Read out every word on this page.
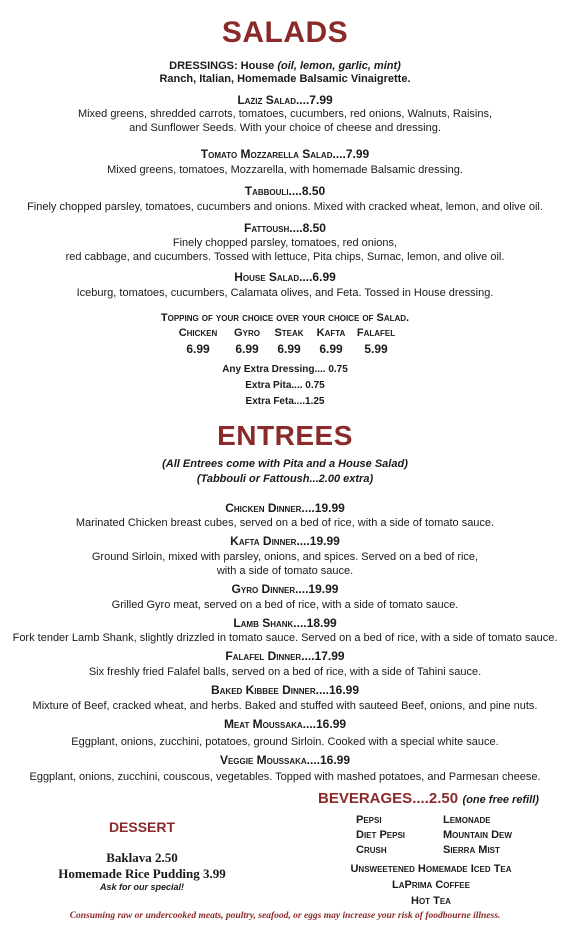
SALADS
DRESSINGS: House (oil, lemon, garlic, mint)
Ranch, Italian, Homemade Balsamic Vinaigrette.
Laziz Salad....7.99
Mixed greens, shredded carrots, tomatoes, cucumbers, red onions, Walnuts, Raisins,
and Sunflower Seeds. With your choice of cheese and dressing.
Tomato Mozzarella Salad....7.99
Mixed greens, tomatoes, Mozzarella, with homemade Balsamic dressing.
Tabbouli....8.50
Finely chopped parsley, tomatoes, cucumbers and onions. Mixed with cracked wheat, lemon, and olive oil.
Fattoush....8.50
Finely chopped parsley, tomatoes, red onions,
red cabbage, and cucumbers. Tossed with lettuce, Pita chips, Sumac, lemon, and olive oil.
House Salad....6.99
Iceburg, tomatoes, cucumbers, Calamata olives, and Feta. Tossed in House dressing.
Topping of your choice over your choice of Salad.
Chicken	Gyro	Steak	Kafta	Falafel
6.99	6.99	6.99	6.99	5.99
Any Extra Dressing.... 0.75
Extra Pita.... 0.75
Extra Feta....1.25
ENTREES
(All Entrees come with Pita and a House Salad)
(Tabbouli or Fattoush...2.00 extra)
Chicken Dinner....19.99
Marinated Chicken breast cubes, served on a bed of rice, with a side of tomato sauce.
Kafta Dinner....19.99
Ground Sirloin, mixed with parsley, onions, and spices. Served on a bed of rice,
with a side of tomato sauce.
Gyro Dinner....19.99
Grilled Gyro meat, served on a bed of rice, with a side of tomato sauce.
Lamb Shank....18.99
Fork tender Lamb Shank, slightly drizzled in tomato sauce. Served on a bed of rice, with a side of tomato sauce.
Falafel Dinner....17.99
Six freshly fried Falafel balls, served on a bed of rice, with a side of Tahini sauce.
Baked Kibbee Dinner....16.99
Mixture of Beef, cracked wheat, and herbs. Baked and stuffed with sauteed Beef, onions, and pine nuts.
Meat Moussaka....16.99
Eggplant, onions, zucchini, potatoes, ground Sirloin. Cooked with a special white sauce.
Veggie Moussaka....16.99
Eggplant, onions, zucchini, couscous, vegetables. Topped with mashed potatoes, and Parmesan cheese.
BEVERAGES....2.50 (one free refill)
Pepsi
Diet Pepsi
Crush
Lemonade
Mountain Dew
Sierra Mist
Unsweetened Homemade Iced Tea
LaPrima Coffee
Hot Tea
DESSERT
Baklava 2.50
Homemade Rice Pudding 3.99
Ask for our special!
Consuming raw or undercooked meats, poultry, seafood, or eggs may increase your risk of foodbourne illness.
